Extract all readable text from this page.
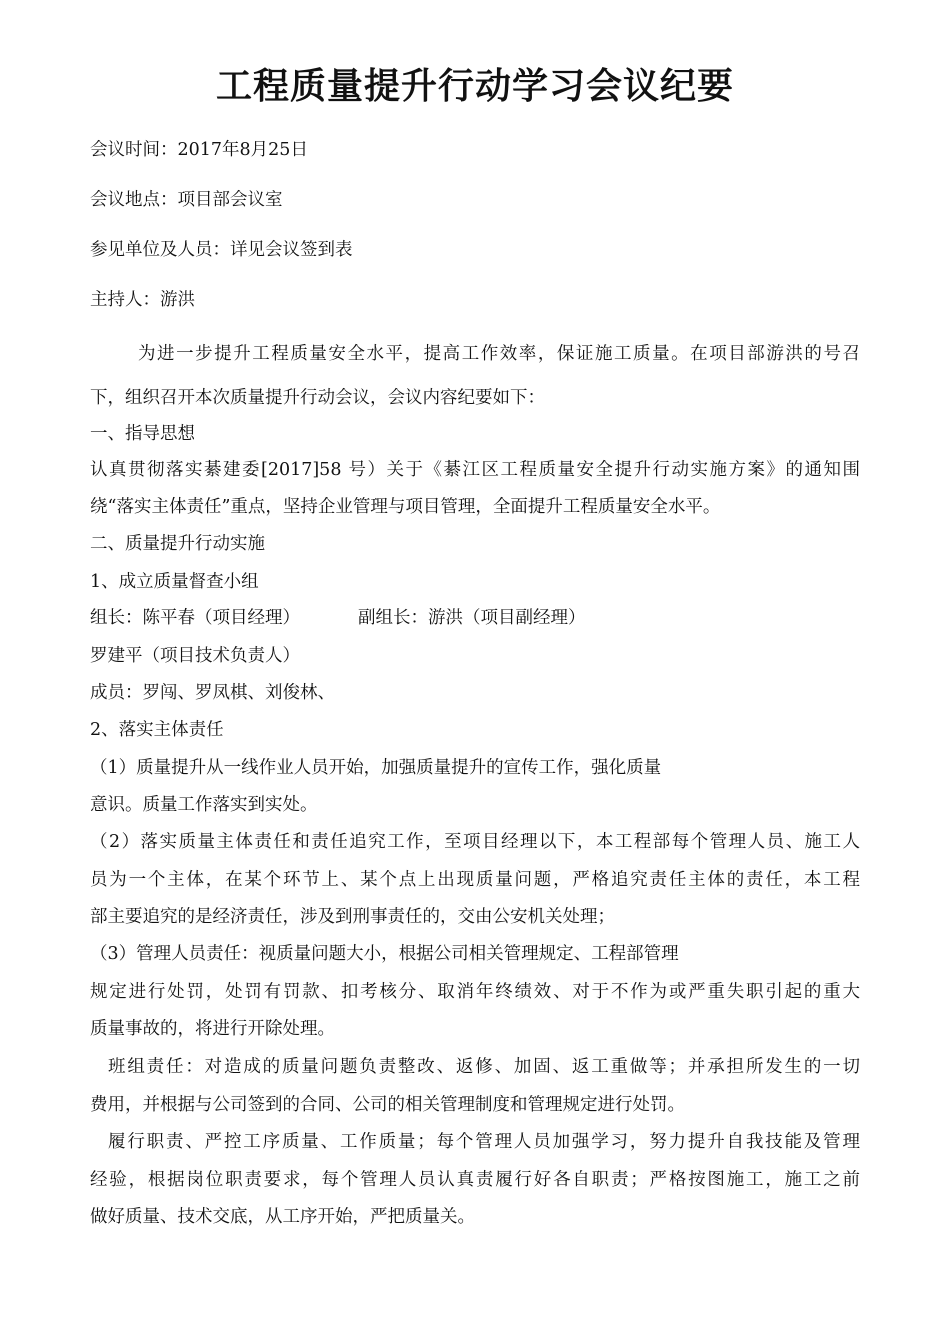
工程质量提升行动学习会议纪要
会议时间：2017年8月25日
会议地点：项目部会议室
参见单位及人员：详见会议签到表
主持人：游洪
为进一步提升工程质量安全水平，提高工作效率，保证施工质量。在项目部游洪的号召
下，组织召开本次质量提升行动会议，会议内容纪要如下：
一、指导思想
认真贯彻落实綦建委[2017]58 号）关于《綦江区工程质量安全提升行动实施方案》的通知围
绕“落实主体责任”重点，坚持企业管理与项目管理，全面提升工程质量安全水平。
二、质量提升行动实施
1、成立质量督查小组
组长：陈平春（项目经理）	副组长：游洪（项目副经理）
罗建平（项目技术负责人）
成员：罗闯、罗凤棋、刘俊林、
2、落实主体责任
（1）质量提升从一线作业人员开始，加强质量提升的宣传工作，强化质量
意识。质量工作落实到实处。
（2）落实质量主体责任和责任追究工作，至项目经理以下，本工程部每个管理人员、施工人
员为一个主体，在某个环节上、某个点上出现质量问题，严格追究责任主体的责任，本工程
部主要追究的是经济责任，涉及到刑事责任的，交由公安机关处理；
（3）管理人员责任：视质量问题大小，根据公司相关管理规定、工程部管理
规定进行处罚，处罚有罚款、扣考核分、取消年终绩效、对于不作为或严重失职引起的重大
质量事故的，将进行开除处理。
班组责任：对造成的质量问题负责整改、返修、加固、返工重做等；并承担所发生的一切
费用，并根据与公司签到的合同、公司的相关管理制度和管理规定进行处罚。
履行职责、严控工序质量、工作质量；每个管理人员加强学习，努力提升自我技能及管理
经验，根据岗位职责要求，每个管理人员认真责履行好各自职责；严格按图施工，施工之前
做好质量、技术交底，从工序开始，严把质量关。
